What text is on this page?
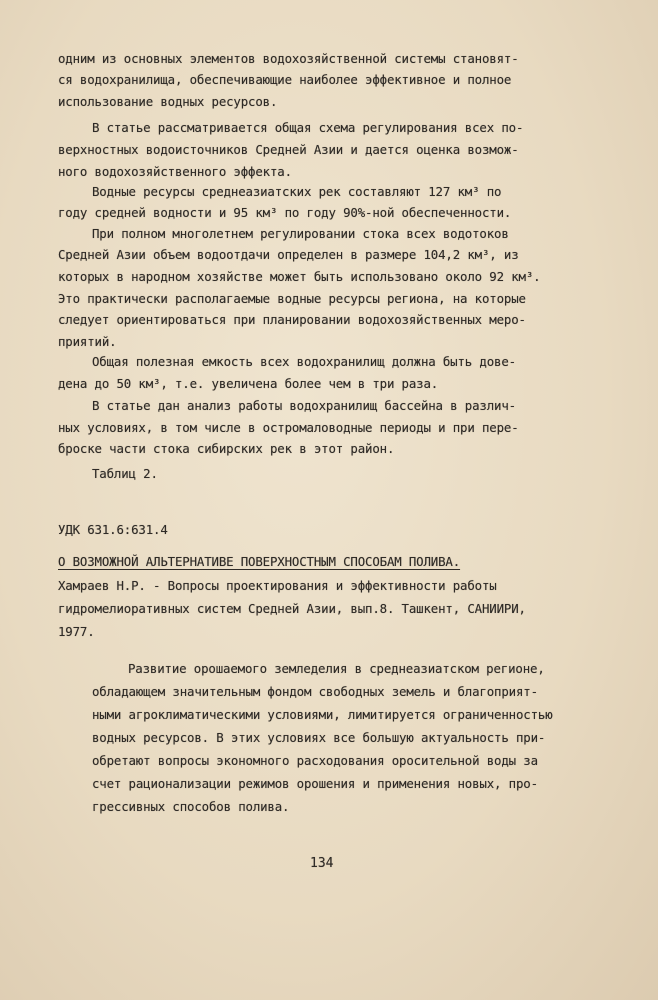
одним из основных элементов водохозяйственной системы становят-
ся водохранилища, обеспечивающие наиболее эффективное и полное
использование водных ресурсов.
В статье рассматривается общая схема регулирования всех по-
верхностных водоисточников Средней Азии и дается оценка возмож-
ного водохозяйственного эффекта.
Водные ресурсы среднеазиатских рек составляют 127 км³ по
году средней водности и 95 км³ по году 90%-ной обеспеченности.
При полном многолетнем регулировании стока всех водотоков
Средней Азии объем водоотдачи определен в размере 104,2 км³, из
которых в народном хозяйстве может быть использовано около 92 км³.
Это практически располагаемые водные ресурсы региона, на которые
следует ориентироваться при планировании водохозяйственных меро-
приятий.
Общая полезная емкость всех водохранилищ должна быть дове-
дена до 50 км³, т.е. увеличена более чем в три раза.
В статье дан анализ работы водохранилищ бассейна в различ-
ных условиях, в том числе в остромаловодные периоды и при пере-
броске части стока сибирских рек в этот район.
Таблиц 2.
УДК 631.6:631.4
О ВОЗМОЖНОЙ АЛЬТЕРНАТИВЕ ПОВЕРХНОСТНЫМ СПОСОБАМ ПОЛИВА.
Хамраев Н.Р. - Вопросы проектирования и эффективности работы
гидромелиоративных систем Средней Азии, вып.8. Ташкент, САНИИРИ,
1977.
Развитие орошаемого земледелия в среднеазиатском регионе,
обладающем значительным фондом свободных земель и благоприят-
ными агроклиматическими условиями, лимитируется ограниченностью
водных ресурсов. В этих условиях все большую актуальность при-
обретают вопросы экономного расходования оросительной воды за
счет рационализации режимов орошения и применения новых, про-
грессивных способов полива.
134
